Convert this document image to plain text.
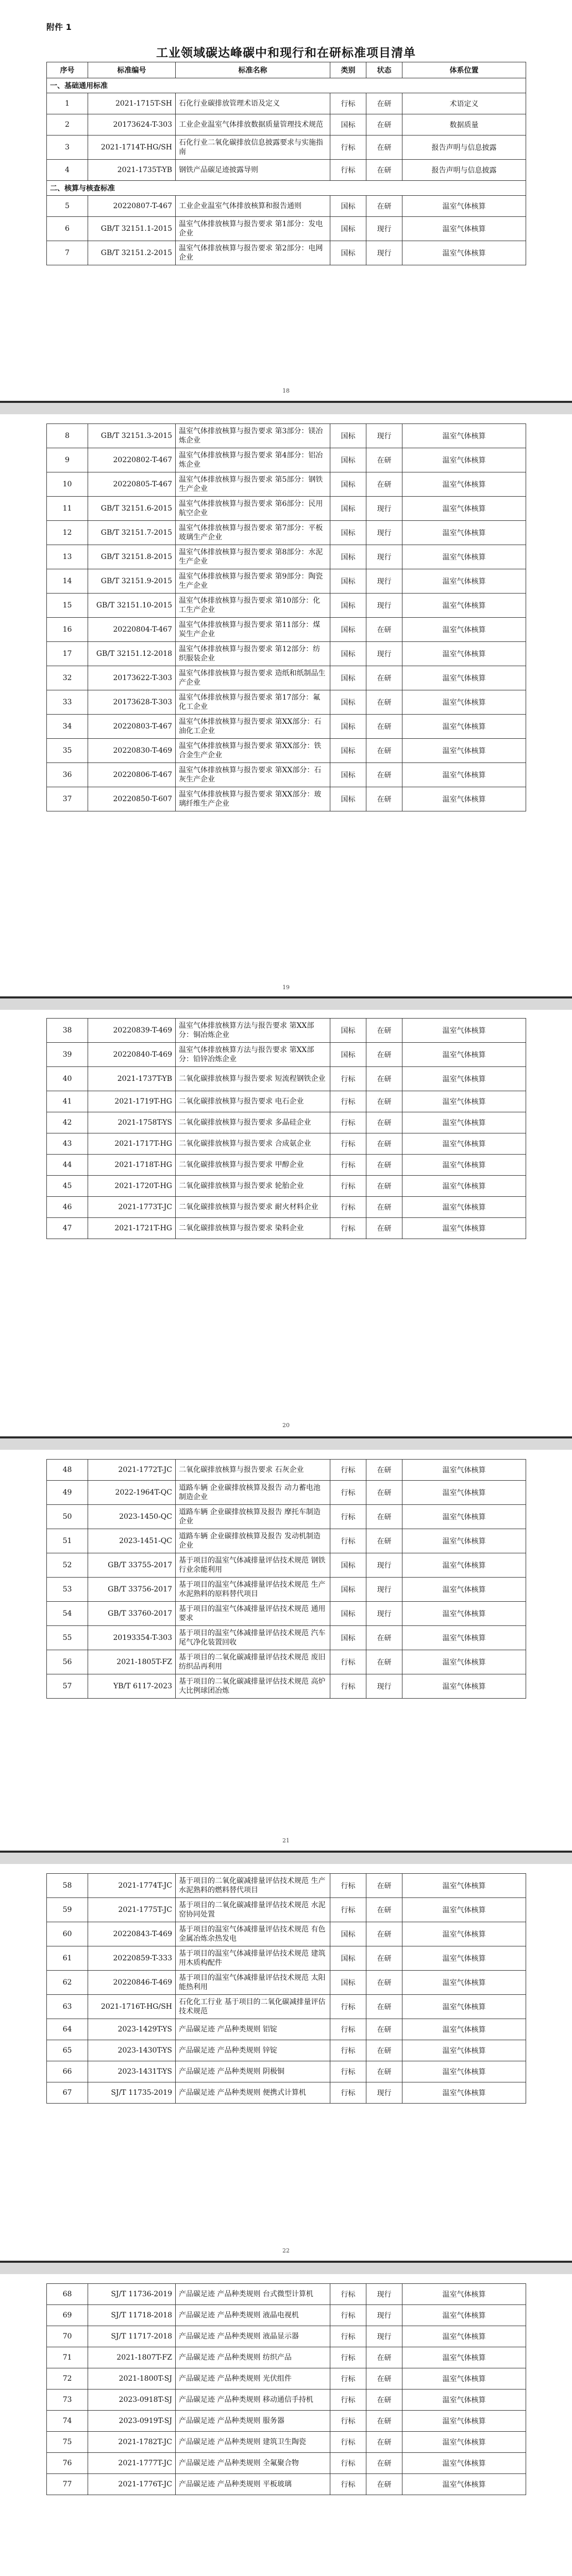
附件 1
工业领域碳达峰碳中和现行和在研标准项目清单
序号	标准编号	标准名称	类别	状态	体系位置
一、基础通用标准					
1	2021-1715T-SH	石化行业碳排放管理术语及定义	行标	在研	术语定义
2	20173624-T-303	工业企业温室气体排放数据质量管理技术规范	国标	在研	数据质量
3	2021-1714T-HG/SH	石化行业二氧化碳排放信息披露要求与实施指南	行标	在研	报告声明与信息披露
4	2021-1735T-YB	钢铁产品碳足迹披露导则	行标	在研	报告声明与信息披露
二、核算与核查标准					
5	20220807-T-467	工业企业温室气体排放核算和报告通则	国标	在研	温室气体核算
6	GB/T 32151.1-2015	温室气体排放核算与报告要求 第1部分：发电企业	国标	现行	温室气体核算
7	GB/T 32151.2-2015	温室气体排放核算与报告要求 第2部分：电网企业	国标	现行	温室气体核算
18
8	GB/T 32151.3-2015	温室气体排放核算与报告要求 第3部分：镁冶炼企业	国标	现行	温室气体核算
9	20220802-T-467	温室气体排放核算与报告要求 第4部分：铝冶炼企业	国标	在研	温室气体核算
10	20220805-T-467	温室气体排放核算与报告要求 第5部分：钢铁生产企业	国标	在研	温室气体核算
11	GB/T 32151.6-2015	温室气体排放核算与报告要求 第6部分：民用航空企业	国标	现行	温室气体核算
12	GB/T 32151.7-2015	温室气体排放核算与报告要求 第7部分：平板玻璃生产企业	国标	现行	温室气体核算
13	GB/T 32151.8-2015	温室气体排放核算与报告要求 第8部分：水泥生产企业	国标	现行	温室气体核算
14	GB/T 32151.9-2015	温室气体排放核算与报告要求 第9部分：陶瓷生产企业	国标	现行	温室气体核算
15	GB/T 32151.10-2015	温室气体排放核算与报告要求 第10部分：化工生产企业	国标	现行	温室气体核算
16	20220804-T-467	温室气体排放核算与报告要求 第11部分：煤炭生产企业	国标	在研	温室气体核算
17	GB/T 32151.12-2018	温室气体排放核算与报告要求 第12部分：纺织服装企业	国标	现行	温室气体核算
32	20173622-T-303	温室气体排放核算与报告要求 造纸和纸制品生产企业	国标	在研	温室气体核算
33	20173628-T-303	温室气体排放核算与报告要求 第17部分：氟化工企业	国标	在研	温室气体核算
34	20220803-T-467	温室气体排放核算与报告要求 第XX部分：石油化工企业	国标	在研	温室气体核算
35	20220830-T-469	温室气体排放核算与报告要求 第XX部分：铁合金生产企业	国标	在研	温室气体核算
36	20220806-T-467	温室气体排放核算与报告要求 第XX部分：石灰生产企业	国标	在研	温室气体核算
37	20220850-T-607	温室气体排放核算与报告要求 第XX部分：玻璃纤维生产企业	国标	在研	温室气体核算
19
38	20220839-T-469	温室气体排放核算方法与报告要求 第XX部分：铜冶炼企业	国标	在研	温室气体核算
39	20220840-T-469	温室气体排放核算方法与报告要求 第XX部分：铅锌冶炼企业	国标	在研	温室气体核算
40	2021-1737T-YB	二氧化碳排放核算与报告要求 短流程钢铁企业	行标	在研	温室气体核算
41	2021-1719T-HG	二氧化碳排放核算与报告要求 电石企业	行标	在研	温室气体核算
42	2021-1758T-YS	二氧化碳排放核算与报告要求 多晶硅企业	行标	在研	温室气体核算
43	2021-1717T-HG	二氧化碳排放核算与报告要求 合成氨企业	行标	在研	温室气体核算
44	2021-1718T-HG	二氧化碳排放核算与报告要求 甲醇企业	行标	在研	温室气体核算
45	2021-1720T-HG	二氧化碳排放核算与报告要求 轮胎企业	行标	在研	温室气体核算
46	2021-1773T-JC	二氧化碳排放核算与报告要求 耐火材料企业	行标	在研	温室气体核算
47	2021-1721T-HG	二氧化碳排放核算与报告要求 染料企业	行标	在研	温室气体核算
20
48	2021-1772T-JC	二氧化碳排放核算与报告要求 石灰企业	行标	在研	温室气体核算
49	2022-1964T-QC	道路车辆 企业碳排放核算及报告 动力蓄电池制造企业	行标	在研	温室气体核算
50	2023-1450-QC	道路车辆 企业碳排放核算及报告 摩托车制造企业	行标	在研	温室气体核算
51	2023-1451-QC	道路车辆 企业碳排放核算及报告 发动机制造企业	行标	在研	温室气体核算
52	GB/T 33755-2017	基于项目的温室气体减排量评估技术规范 钢铁行业余能利用	国标	现行	温室气体核算
53	GB/T 33756-2017	基于项目的温室气体减排量评估技术规范 生产水泥熟料的原料替代项目	国标	现行	温室气体核算
54	GB/T 33760-2017	基于项目的温室气体减排量评估技术规范 通用要求	国标	现行	温室气体核算
55	20193354-T-303	基于项目的温室气体减排量评估技术规范 汽车尾气净化装置回收	国标	在研	温室气体核算
56	2021-1805T-FZ	基于项目的二氧化碳减排量评估技术规范 废旧纺织品再利用	行标	在研	温室气体核算
57	YB/T 6117-2023	基于项目的二氧化碳减排量评估技术规范 高炉大比例球团冶炼	行标	现行	温室气体核算
21
58	2021-1774T-JC	基于项目的二氧化碳减排量评估技术规范 生产水泥熟料的燃料替代项目	行标	在研	温室气体核算
59	2021-1775T-JC	基于项目的二氧化碳减排量评估技术规范 水泥窑协同处置	行标	在研	温室气体核算
60	20220843-T-469	基于项目的温室气体减排量评估技术规范 有色金属冶炼余热发电	国标	在研	温室气体核算
61	20220859-T-333	基于项目的温室气体减排量评估技术规范 建筑用木质构配件	国标	在研	温室气体核算
62	20220846-T-469	基于项目的温室气体减排量评估技术规范 太阳能热利用	国标	在研	温室气体核算
63	2021-1716T-HG/SH	石化化工行业 基于项目的二氧化碳减排量评估技术规范	行标	在研	温室气体核算
64	2023-1429T-YS	产品碳足迹 产品种类规则 铝锭	行标	在研	温室气体核算
65	2023-1430T-YS	产品碳足迹 产品种类规则 锌锭	行标	在研	温室气体核算
66	2023-1431T-YS	产品碳足迹 产品种类规则 阴极铜	行标	在研	温室气体核算
67	SJ/T 11735-2019	产品碳足迹 产品种类规则 便携式计算机	行标	现行	温室气体核算
22
68	SJ/T 11736-2019	产品碳足迹 产品种类规则 台式微型计算机	行标	现行	温室气体核算
69	SJ/T 11718-2018	产品碳足迹 产品种类规则 液晶电视机	行标	现行	温室气体核算
70	SJ/T 11717-2018	产品碳足迹 产品种类规则 液晶显示器	行标	现行	温室气体核算
71	2021-1807T-FZ	产品碳足迹 产品种类规则 纺织产品	行标	在研	温室气体核算
72	2021-1800T-SJ	产品碳足迹 产品种类规则 光伏组件	行标	在研	温室气体核算
73	2023-0918T-SJ	产品碳足迹 产品种类规则 移动通信手持机	行标	在研	温室气体核算
74	2023-0919T-SJ	产品碳足迹 产品种类规则 服务器	行标	在研	温室气体核算
75	2021-1782T-JC	产品碳足迹 产品种类规则 建筑卫生陶瓷	行标	在研	温室气体核算
76	2021-1777T-JC	产品碳足迹 产品种类规则 全氟聚合物	行标	在研	温室气体核算
77	2021-1776T-JC	产品碳足迹 产品种类规则 平板玻璃	行标	在研	温室气体核算
